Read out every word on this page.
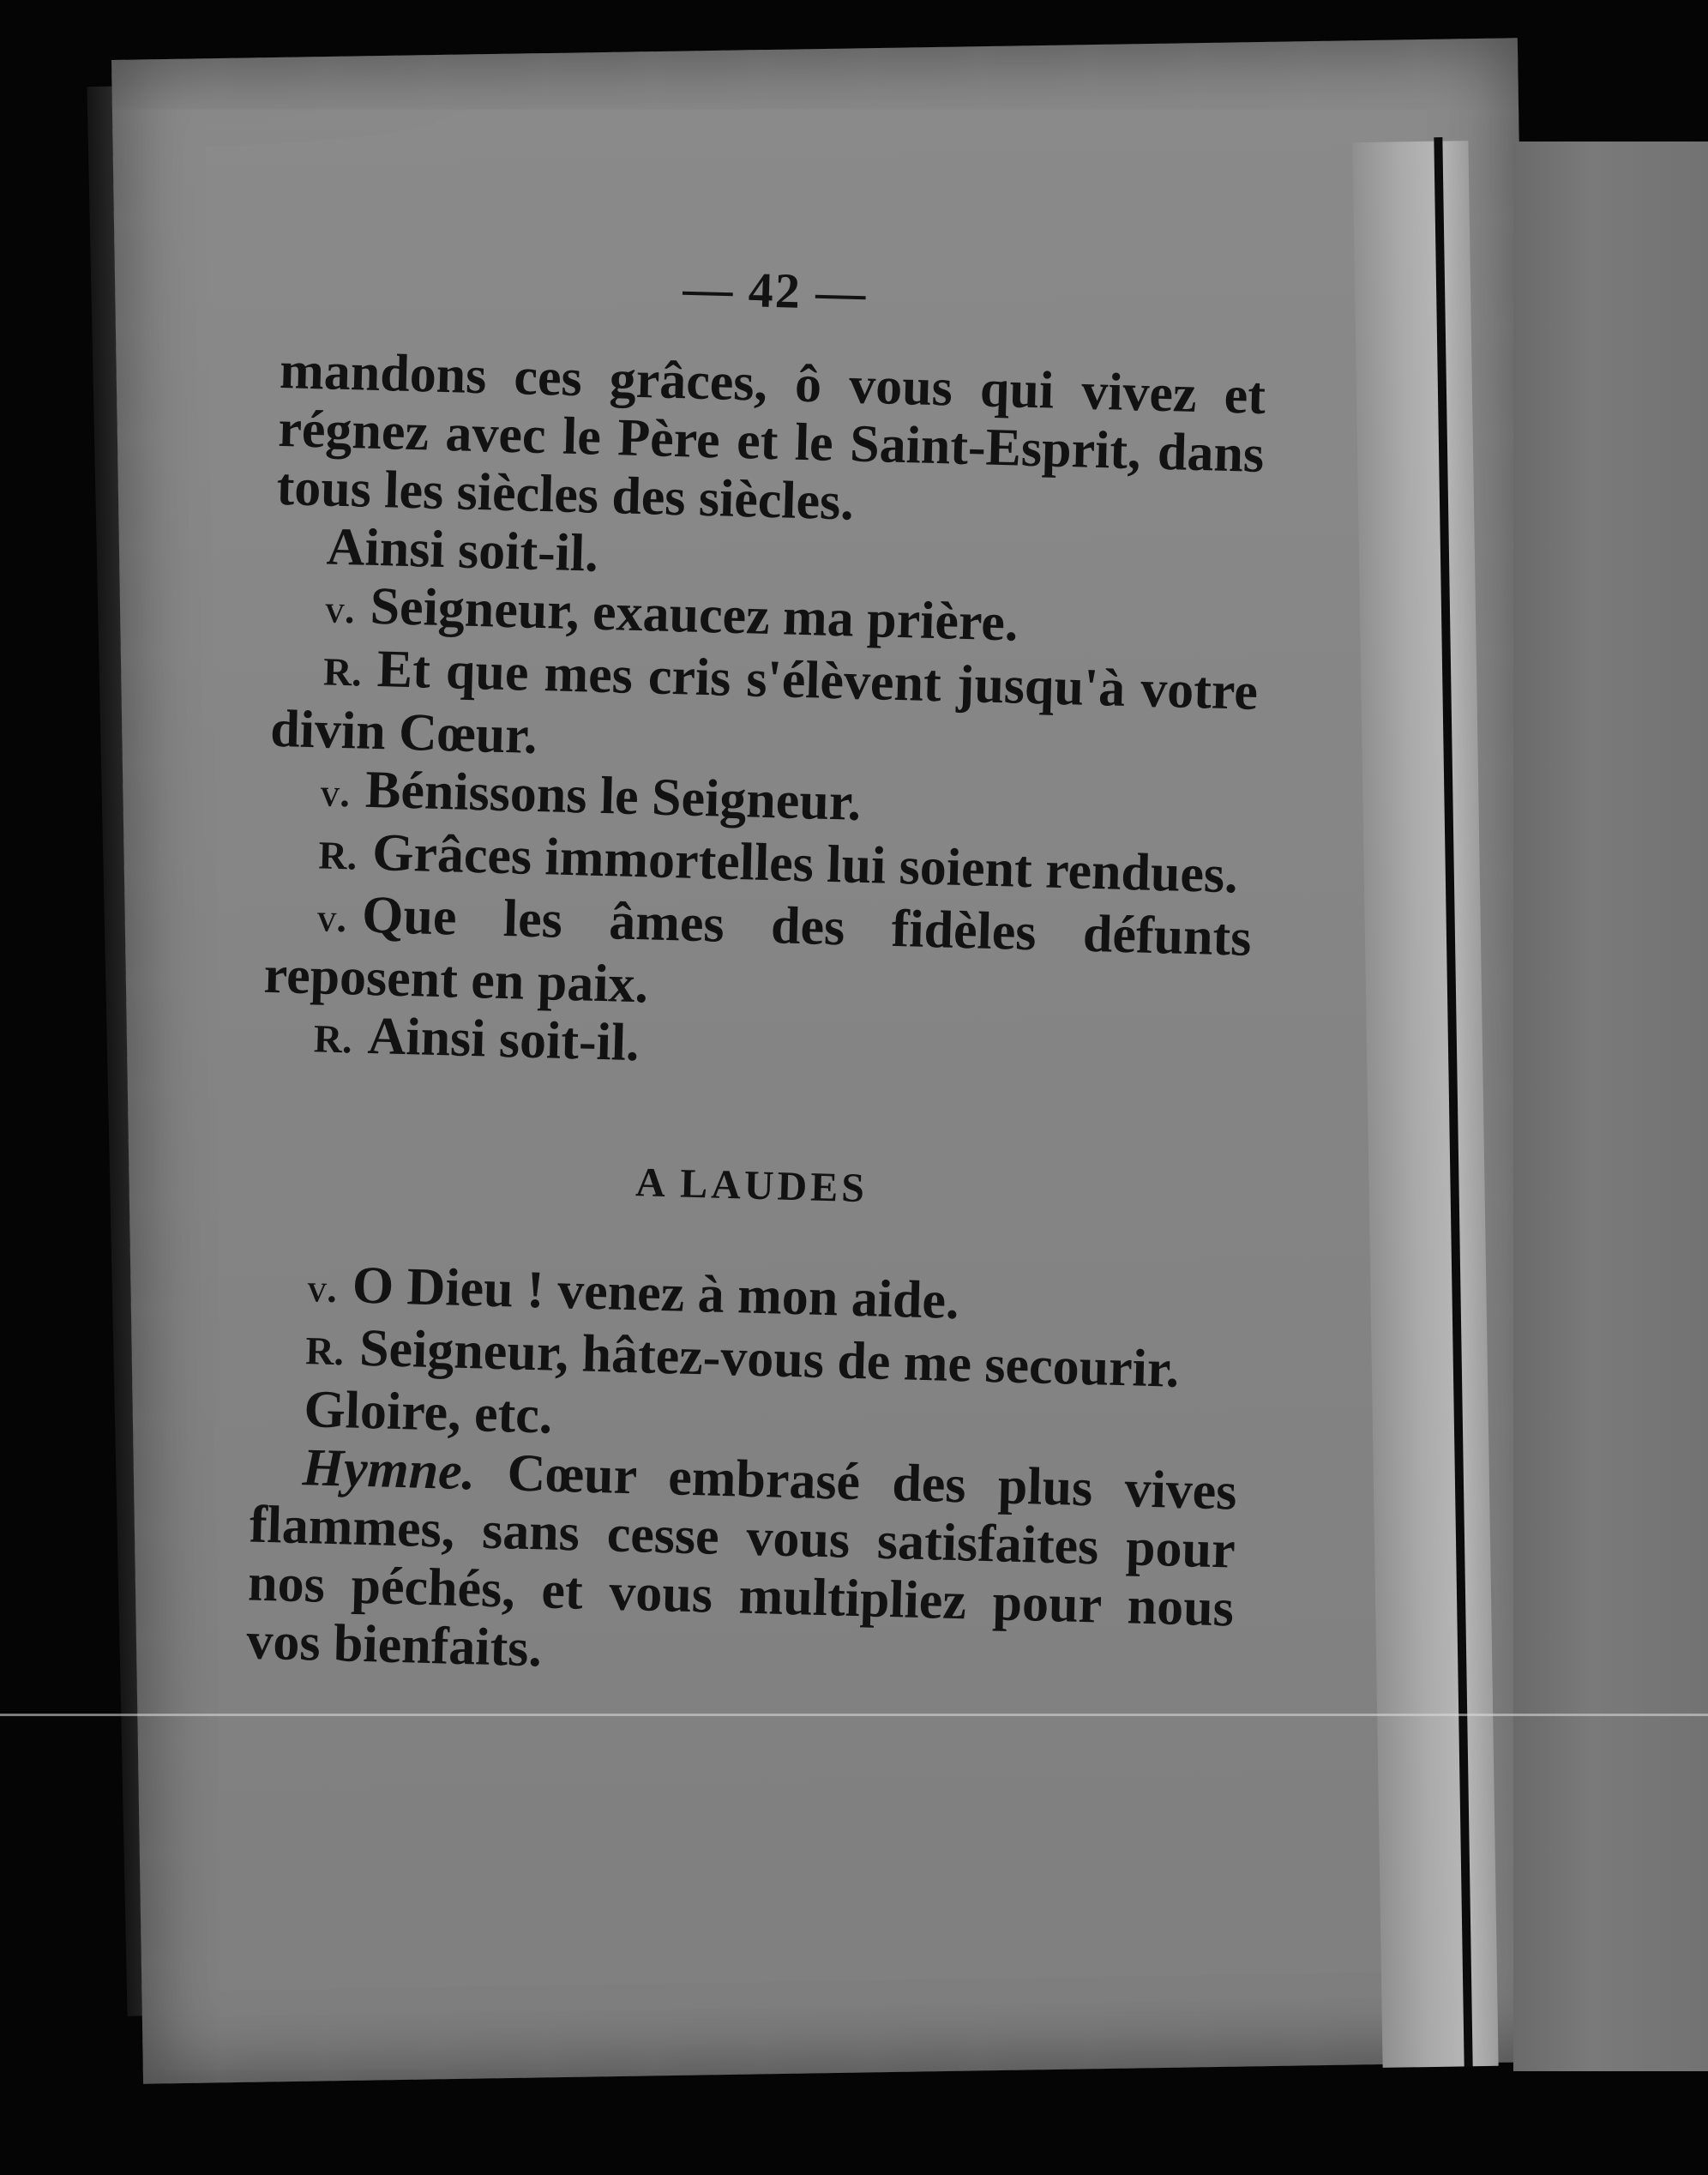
— 42 —

mandons ces grâces, ô vous qui vivez et régnez avec le Père et le Saint-Esprit, dans tous les siècles des siècles.

Ainsi soit-il.

v. Seigneur, exaucez ma prière.

R. Et que mes cris s'élèvent jusqu'à votre divin Cœur.

v. Bénissons le Seigneur.

R. Grâces immortelles lui soient rendues.

v. Que les âmes des fidèles défunts reposent en paix.

R. Ainsi soit-il.

A LAUDES

v. O Dieu ! venez à mon aide.

R. Seigneur, hâtez-vous de me secourir.

Gloire, etc.

Hymne. Cœur embrasé des plus vives flammes, sans cesse vous satisfaites pour nos péchés, et vous multipliez pour nous vos bienfaits.
